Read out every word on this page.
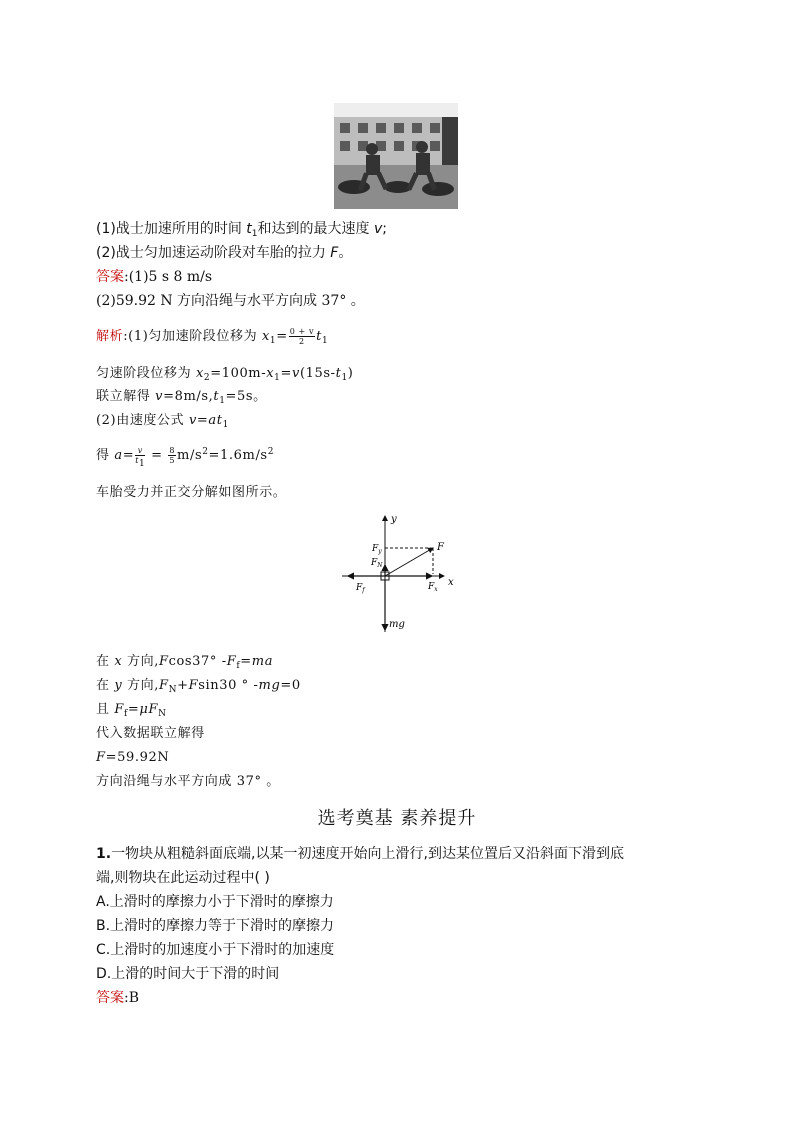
(1)战士加速所用的时间 $t_1$和达到的最大速度 v;
(2)战士匀加速运动阶段对车胎的拉力 F。
答案:(1)5 s 8 m/s
(2)59.92 N 方向沿绳与水平方向成 37° 。
解析:(1)匀加速阶段位移为 $x_1= \frac{0 + v}{2} t_1$
匀速阶段位移为 $x_2=100m-x_1=v(15s-t_1)$
联立解得 $v=8m/s,t_1=5s$。
(2)由速度公式 $v=at_1$
得 $a= \frac{v}{t_1} = \frac{8}{5} m/s^2=1.6m/s^2$
车胎受力并正交分解如图所示。
y
x
F
$F_y$
$F_N$
$F_f$	$F_x$
mg
在 x 方向,Fcos37° $-F_f=ma$
在 y 方向$,F_N+Fsin30$ ° -mg=0
且 $F_f=\mu F_N$
代入数据联立解得
F=59.92N
方向沿绳与水平方向成 37° 。
选考奠基 素养提升
1.一物块从粗糙斜面底端,以某一初速度开始向上滑行,到达某位置后又沿斜面下滑到底
端,则物块在此运动过程中( )
A.上滑时的摩擦力小于下滑时的摩擦力
B.上滑时的摩擦力等于下滑时的摩擦力
C.上滑时的加速度小于下滑时的加速度
D.上滑的时间大于下滑的时间
答案:B
